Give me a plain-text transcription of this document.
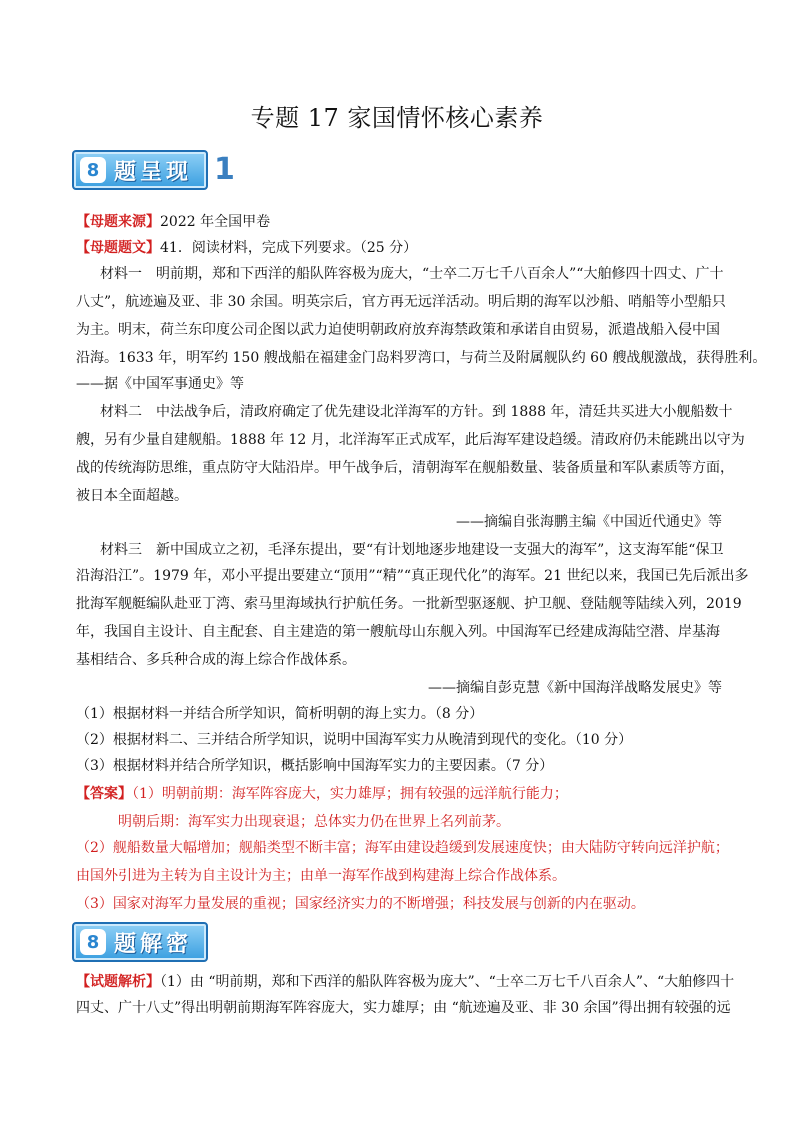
专题 17 家国情怀核心素养
8 题呈现 1
【母题来源】2022 年全国甲卷
【母题题文】41．阅读材料，完成下列要求。（25 分）
材料一　明前期，郑和下西洋的船队阵容极为庞大，“士卒二万七千八百余人”“大舶修四十四丈、广十
八丈”，航迹遍及亚、非 30 余国。明英宗后，官方再无远洋活动。明后期的海军以沙船、哨船等小型船只
为主。明末，荷兰东印度公司企图以武力迫使明朝政府放弃海禁政策和承诺自由贸易，派遣战船入侵中国
沿海。1633 年，明军约 150 艘战船在福建金门岛料罗湾口，与荷兰及附属舰队约 60 艘战舰激战，获得胜利。
——据《中国军事通史》等
材料二　中法战争后，清政府确定了优先建设北洋海军的方针。到 1888 年，清廷共买进大小舰船数十
艘，另有少量自建舰船。1888 年 12 月，北洋海军正式成军，此后海军建设趋缓。清政府仍未能跳出以守为
战的传统海防思维，重点防守大陆沿岸。甲午战争后，清朝海军在舰船数量、装备质量和军队素质等方面，
被日本全面超越。
——摘编自张海鹏主编《中国近代通史》等
材料三　新中国成立之初，毛泽东提出，要“有计划地逐步地建设一支强大的海军”，这支海军能“保卫
沿海沿江”。1979 年，邓小平提出要建立“顶用”“精”“真正现代化”的海军。21 世纪以来，我国已先后派出多
批海军舰艇编队赴亚丁湾、索马里海域执行护航任务。一批新型驱逐舰、护卫舰、登陆舰等陆续入列，2019
年，我国自主设计、自主配套、自主建造的第一艘航母山东舰入列。中国海军已经建成海陆空潜、岸基海
基相结合、多兵种合成的海上综合作战体系。
——摘编自彭克慧《新中国海洋战略发展史》等
（1）根据材料一并结合所学知识，简析明朝的海上实力。（8 分）
（2）根据材料二、三并结合所学知识，说明中国海军实力从晚清到现代的变化。（10 分）
（3）根据材料并结合所学知识，概括影响中国海军实力的主要因素。（7 分）
【答案】（1）明朝前期：海军阵容庞大，实力雄厚；拥有较强的远洋航行能力；
明朝后期：海军实力出现衰退；总体实力仍在世界上名列前茅。
（2）舰船数量大幅增加；舰船类型不断丰富；海军由建设趋缓到发展速度快；由大陆防守转向远洋护航；
由国外引进为主转为自主设计为主；由单一海军作战到构建海上综合作战体系。
（3）国家对海军力量发展的重视；国家经济实力的不断增强；科技发展与创新的内在驱动。
8 题解密
【试题解析】（1）由 “明前期，郑和下西洋的船队阵容极为庞大”、“士卒二万七千八百余人”、“大舶修四十
四丈、广十八丈”得出明朝前期海军阵容庞大，实力雄厚；由 “航迹遍及亚、非 30 余国”得出拥有较强的远
